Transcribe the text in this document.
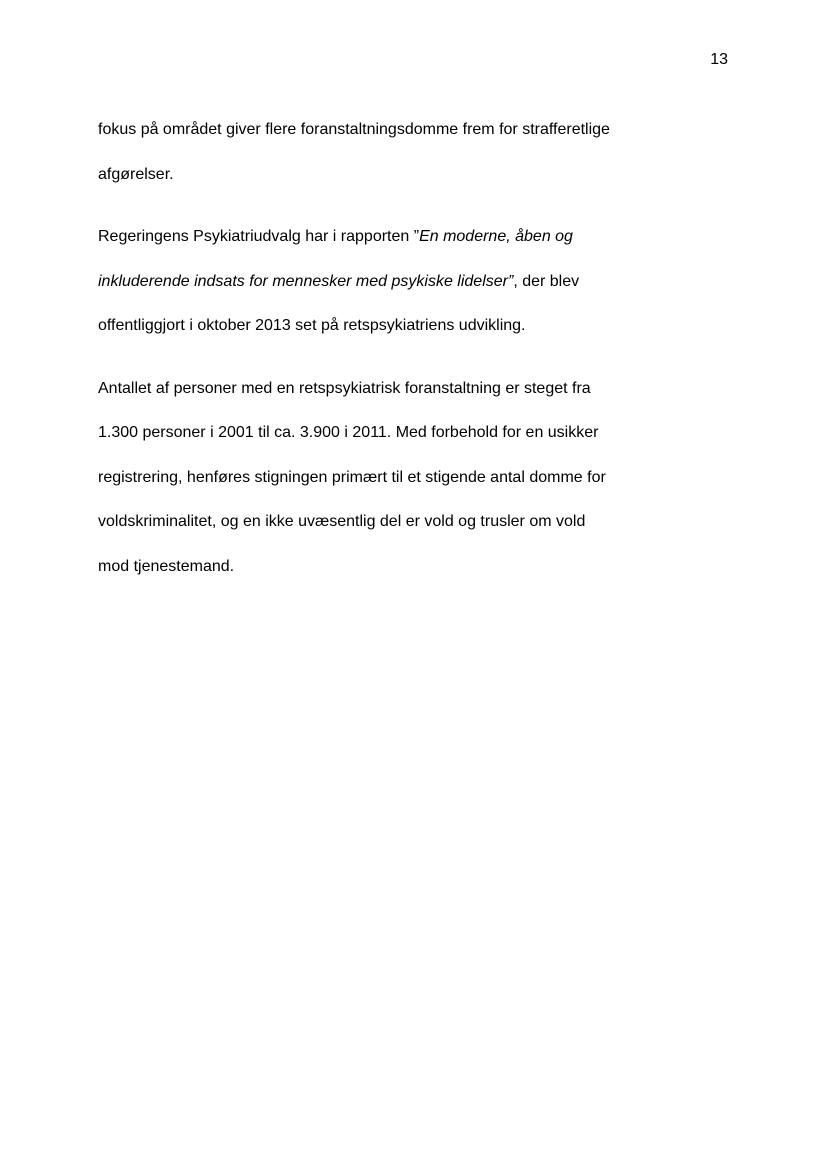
13

fokus på området giver flere foranstaltningsdomme frem for strafferetlige
afgørelser.

Regeringens Psykiatriudvalg har i rapporten ”En moderne, åben og
inkluderende indsats for mennesker med psykiske lidelser”, der blev
offentliggjort i oktober 2013 set på retspsykiatriens udvikling.

Antallet af personer med en retspsykiatrisk foranstaltning er steget fra
1.300 personer i 2001 til ca. 3.900 i 2011. Med forbehold for en usikker
registrering, henføres stigningen primært til et stigende antal domme for
voldskriminalitet, og en ikke uvæsentlig del er vold og trusler om vold
mod tjenestemand.
